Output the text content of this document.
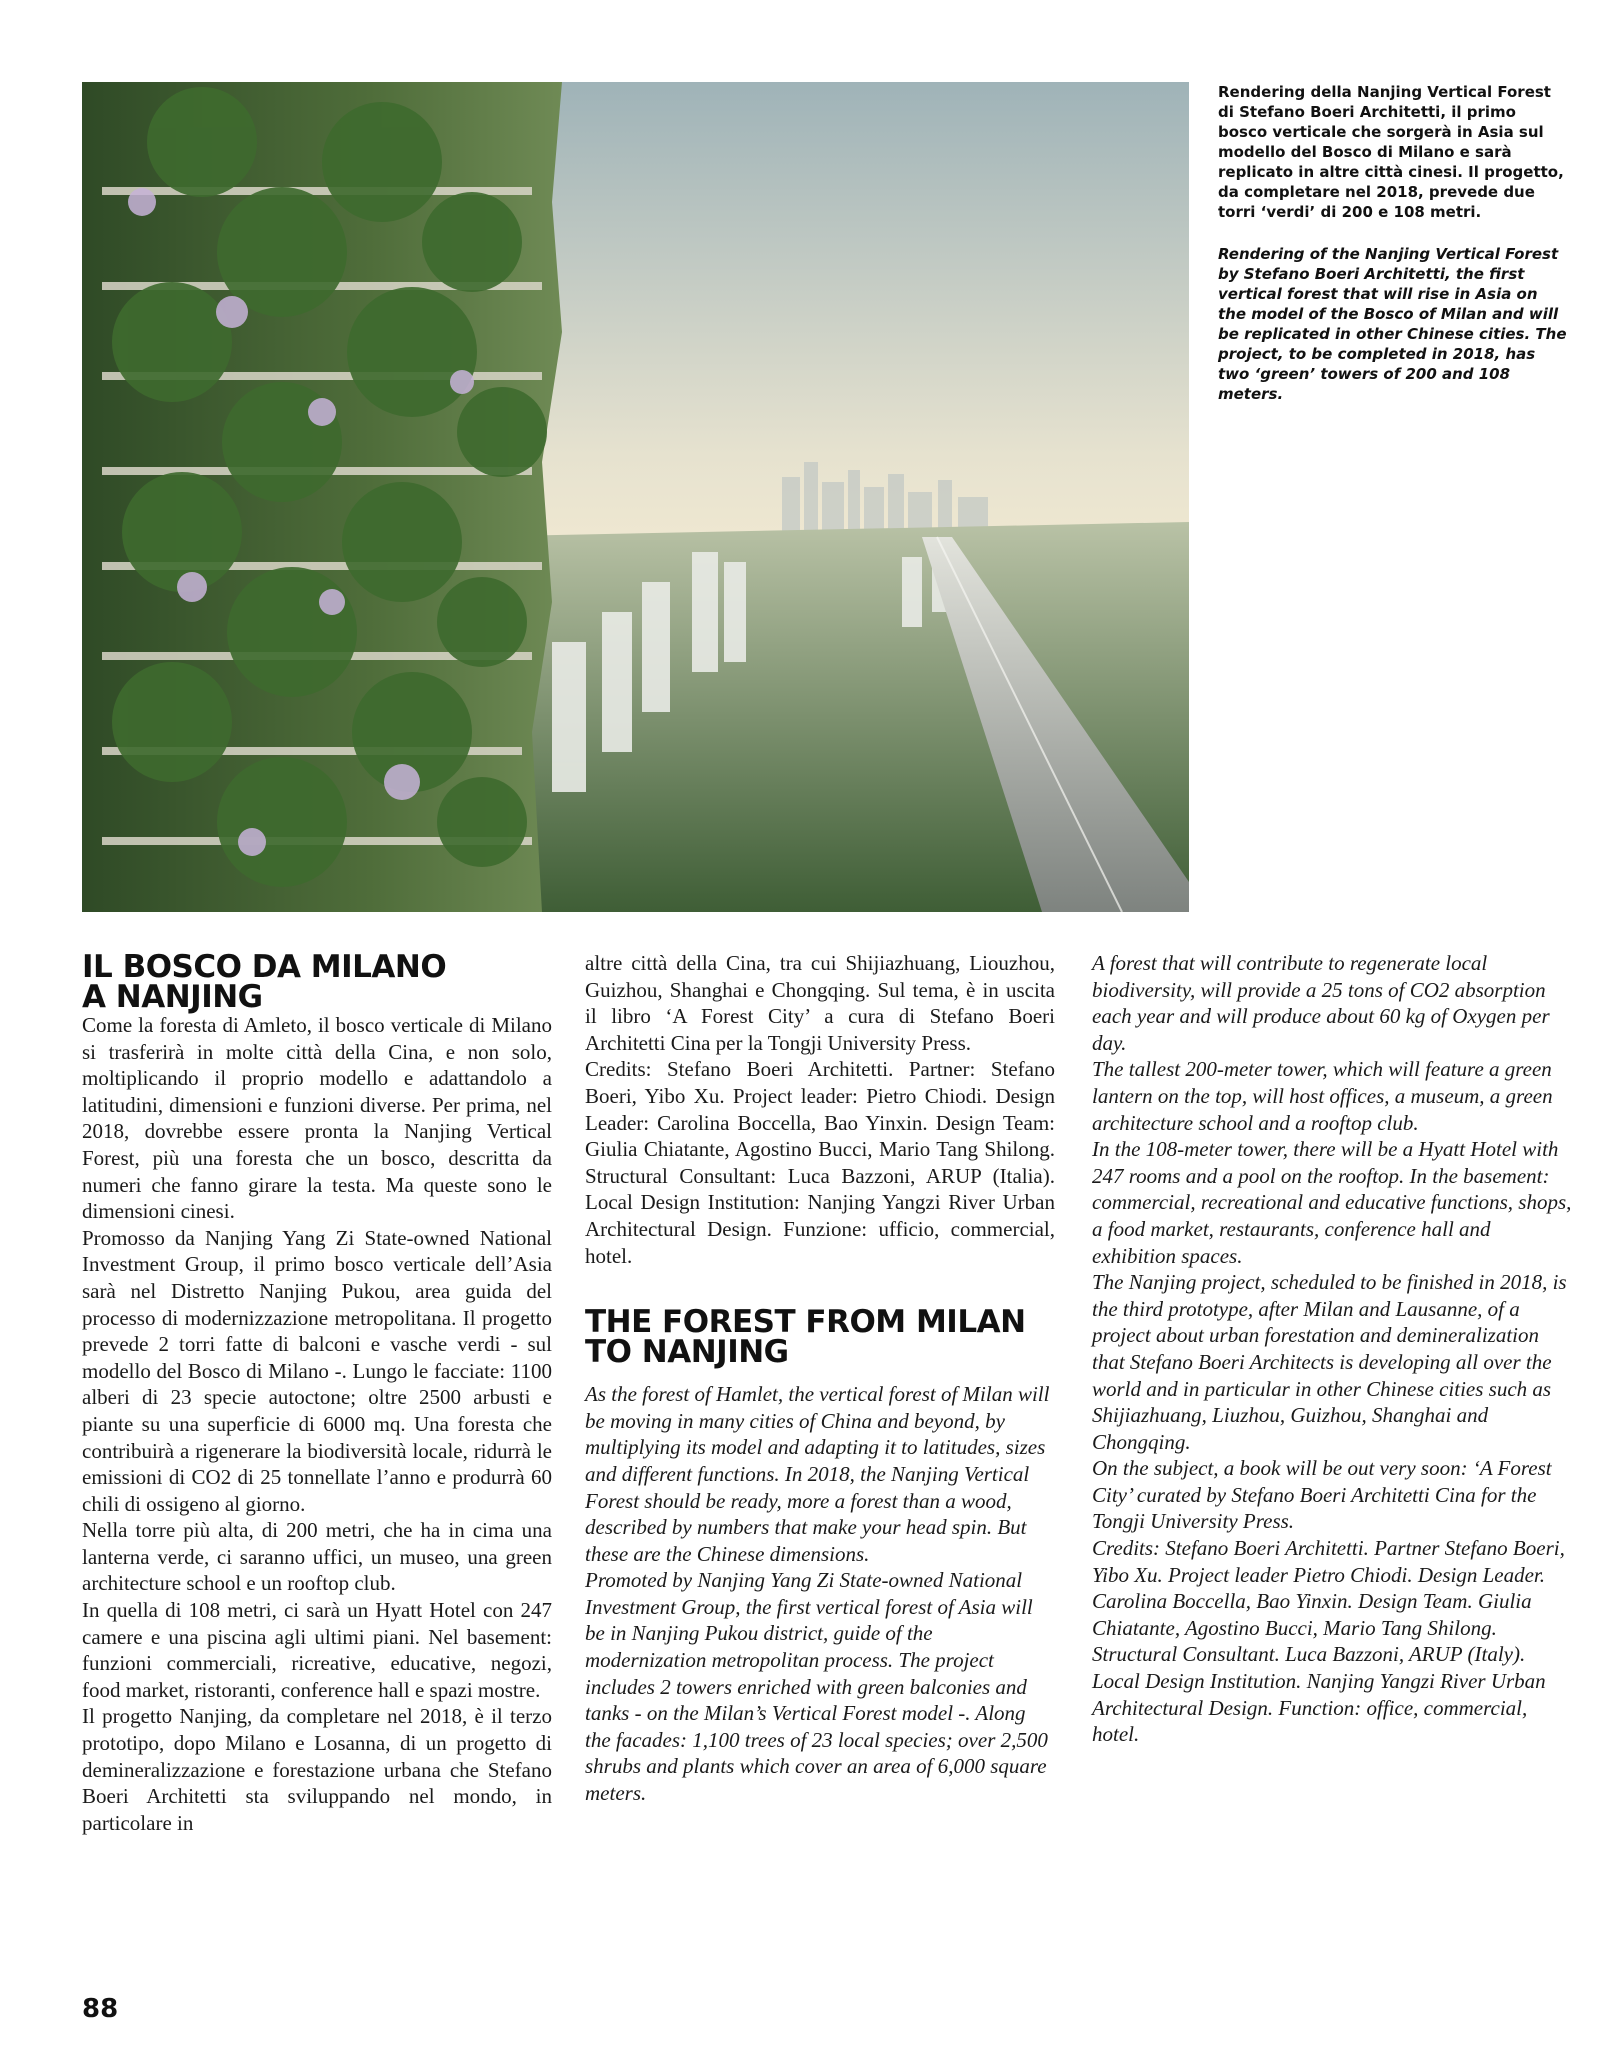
Rendering della Nanjing Vertical Forest di Stefano Boeri Architetti, il primo bosco verticale che sorgerà in Asia sul modello del Bosco di Milano e sarà replicato in altre città cinesi. Il progetto, da completare nel 2018, prevede due torri ‘verdi’ di 200 e 108 metri.

Rendering of the Nanjing Vertical Forest by Stefano Boeri Architetti, the first vertical forest that will rise in Asia on the model of the Bosco of Milan and will be replicated in other Chinese cities. The project, to be completed in 2018, has two ‘green’ towers of 200 and 108 meters.

IL BOSCO DA MILANO
A NANJING

Come la foresta di Amleto, il bosco verticale di Milano si trasferirà in molte città della Cina, e non solo, moltiplicando il proprio modello e adattandolo a latitudini, dimensioni e funzioni diverse. Per prima, nel 2018, dovrebbe essere pronta la Nanjing Vertical Forest, più una foresta che un bosco, descritta da numeri che fanno girare la testa. Ma queste sono le dimensioni cinesi.

Promosso da Nanjing Yang Zi State-owned National Investment Group, il primo bosco verticale dell’Asia sarà nel Distretto Nanjing Pukou, area guida del processo di modernizzazione metropolitana. Il progetto prevede 2 torri fatte di balconi e vasche verdi - sul modello del Bosco di Milano -. Lungo le facciate: 1100 alberi di 23 specie autoctone; oltre 2500 arbusti e piante su una superficie di 6000 mq. Una foresta che contribuirà a rigenerare la biodiversità locale, ridurrà le emissioni di CO2 di 25 tonnellate l’anno e produrrà 60 chili di ossigeno al giorno.

Nella torre più alta, di 200 metri, che ha in cima una lanterna verde, ci saranno uffici, un museo, una green architecture school e un rooftop club.

In quella di 108 metri, ci sarà un Hyatt Hotel con 247 camere e una piscina agli ultimi piani. Nel basement: funzioni commerciali, ricreative, educative, negozi, food market, ristoranti, conference hall e spazi mostre.

Il progetto Nanjing, da completare nel 2018, è il terzo prototipo, dopo Milano e Losanna, di un progetto di demineralizzazione e forestazione urbana che Stefano Boeri Architetti sta sviluppando nel mondo, in particolare in

altre città della Cina, tra cui Shijiazhuang, Liouzhou, Guizhou, Shanghai e Chongqing. Sul tema, è in uscita il libro ‘A Forest City’ a cura di Stefano Boeri Architetti Cina per la Tongji University Press.

Credits: Stefano Boeri Architetti. Partner: Stefano Boeri, Yibo Xu. Project leader: Pietro Chiodi. Design Leader: Carolina Boccella, Bao Yinxin. Design Team: Giulia Chiatante, Agostino Bucci, Mario Tang Shilong. Structural Consultant: Luca Bazzoni, ARUP (Italia). Local Design Institution: Nanjing Yangzi River Urban Architectural Design. Funzione: ufficio, commercial, hotel.

THE FOREST FROM MILAN
TO NANJING

As the forest of Hamlet, the vertical forest of Milan will be moving in many cities of China and beyond, by multiplying its model and adapting it to latitudes, sizes and different functions. In 2018, the Nanjing Vertical Forest should be ready, more a forest than a wood, described by numbers that make your head spin. But these are the Chinese dimensions.

Promoted by Nanjing Yang Zi State-owned National Investment Group, the first vertical forest of Asia will be in Nanjing Pukou district, guide of the modernization metropolitan process. The project includes 2 towers enriched with green balconies and tanks - on the Milan’s Vertical Forest model -. Along the facades: 1,100 trees of 23 local species; over 2,500 shrubs and plants which cover an area of 6,000 square meters.

A forest that will contribute to regenerate local biodiversity, will provide a 25 tons of CO2 absorption each year and will produce about 60 kg of Oxygen per day.

The tallest 200-meter tower, which will feature a green lantern on the top, will host offices, a museum, a green architecture school and a rooftop club.

In the 108-meter tower, there will be a Hyatt Hotel with 247 rooms and a pool on the rooftop. In the basement: commercial, recreational and educative functions, shops, a food market, restaurants, conference hall and exhibition spaces.

The Nanjing project, scheduled to be finished in 2018, is the third prototype, after Milan and Lausanne, of a project about urban forestation and demineralization that Stefano Boeri Architects is developing all over the world and in particular in other Chinese cities such as Shijiazhuang, Liuzhou, Guizhou, Shanghai and Chongqing.

On the subject, a book will be out very soon: ‘A Forest City’ curated by Stefano Boeri Architetti Cina for the Tongji University Press.

Credits: Stefano Boeri Architetti. Partner Stefano Boeri, Yibo Xu. Project leader Pietro Chiodi. Design Leader. Carolina Boccella, Bao Yinxin. Design Team. Giulia Chiatante, Agostino Bucci, Mario Tang Shilong. Structural Consultant. Luca Bazzoni, ARUP (Italy). Local Design Institution. Nanjing Yangzi River Urban Architectural Design. Function: office, commercial, hotel.

88
